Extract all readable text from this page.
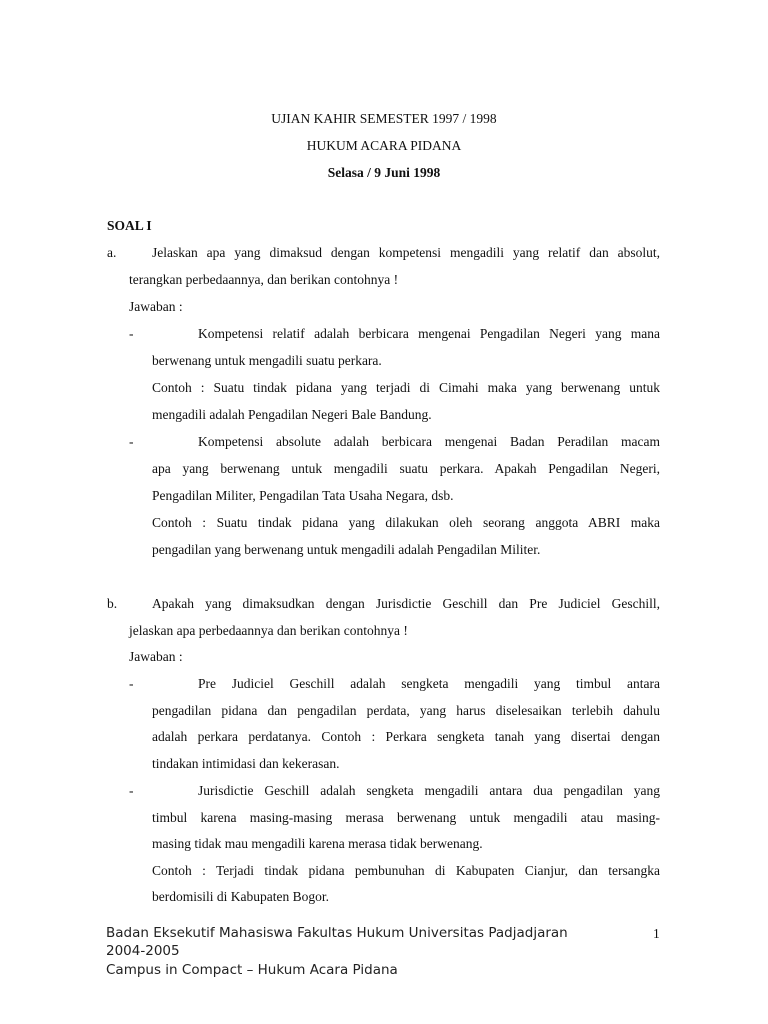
UJIAN KAHIR SEMESTER 1997 / 1998
HUKUM ACARA PIDANA
Selasa / 9 Juni 1998
SOAL I
a.	Jelaskan apa yang dimaksud dengan kompetensi mengadili yang relatif dan absolut,
terangkan perbedaannya, dan berikan contohnya !
Jawaban :
-	Kompetensi relatif adalah berbicara mengenai Pengadilan Negeri yang mana
berwenang untuk mengadili suatu perkara.
Contoh : Suatu tindak pidana yang terjadi di Cimahi maka yang berwenang untuk
mengadili adalah Pengadilan Negeri Bale Bandung.
-	Kompetensi absolute adalah berbicara mengenai Badan Peradilan macam
apa yang berwenang untuk mengadili suatu perkara. Apakah Pengadilan Negeri,
Pengadilan Militer, Pengadilan Tata Usaha Negara, dsb.
Contoh : Suatu tindak pidana yang dilakukan oleh seorang anggota ABRI maka
pengadilan yang berwenang untuk mengadili adalah Pengadilan Militer.
b.	Apakah yang dimaksudkan dengan Jurisdictie Geschill dan Pre Judiciel Geschill,
jelaskan apa perbedaannya dan berikan contohnya !
Jawaban :
-	Pre Judiciel Geschill adalah sengketa mengadili yang timbul antara
pengadilan pidana dan pengadilan perdata, yang harus diselesaikan terlebih dahulu
adalah perkara perdatanya. Contoh : Perkara sengketa tanah yang disertai dengan
tindakan intimidasi dan kekerasan.
-	Jurisdictie Geschill adalah sengketa mengadili antara dua pengadilan yang
timbul karena masing-masing merasa berwenang untuk mengadili atau masing-
masing tidak mau mengadili karena merasa tidak berwenang.
Contoh : Terjadi tindak pidana pembunuhan di Kabupaten Cianjur, dan tersangka
berdomisili di Kabupaten Bogor.
Badan Eksekutif Mahasiswa Fakultas Hukum Universitas Padjadjaran
2004-2005
Campus in Compact – Hukum Acara Pidana
1
